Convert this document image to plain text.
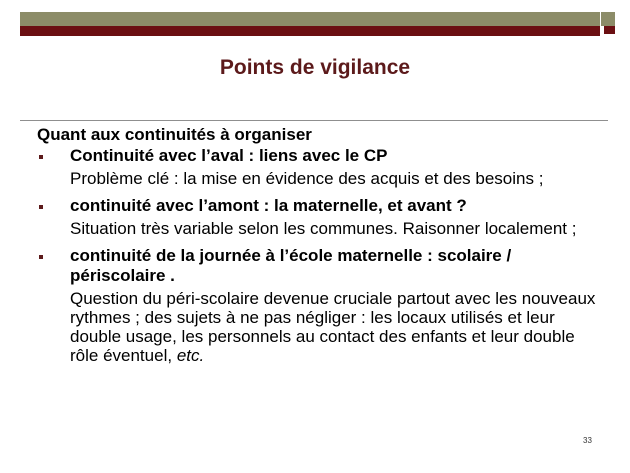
Points de vigilance

Quant aux continuités à organiser

Continuité avec l’aval : liens avec le CP
Problème clé : la mise en évidence des acquis et des besoins ;
continuité avec l’amont : la maternelle, et avant ?
Situation très variable selon les communes. Raisonner localement ;
continuité de la journée à l’école maternelle : scolaire / périscolaire .
Question du péri-scolaire devenue cruciale partout avec les nouveaux rythmes ; des sujets à ne pas négliger : les locaux utilisés et leur double usage, les personnels au contact des enfants et leur double rôle éventuel, etc.
33
